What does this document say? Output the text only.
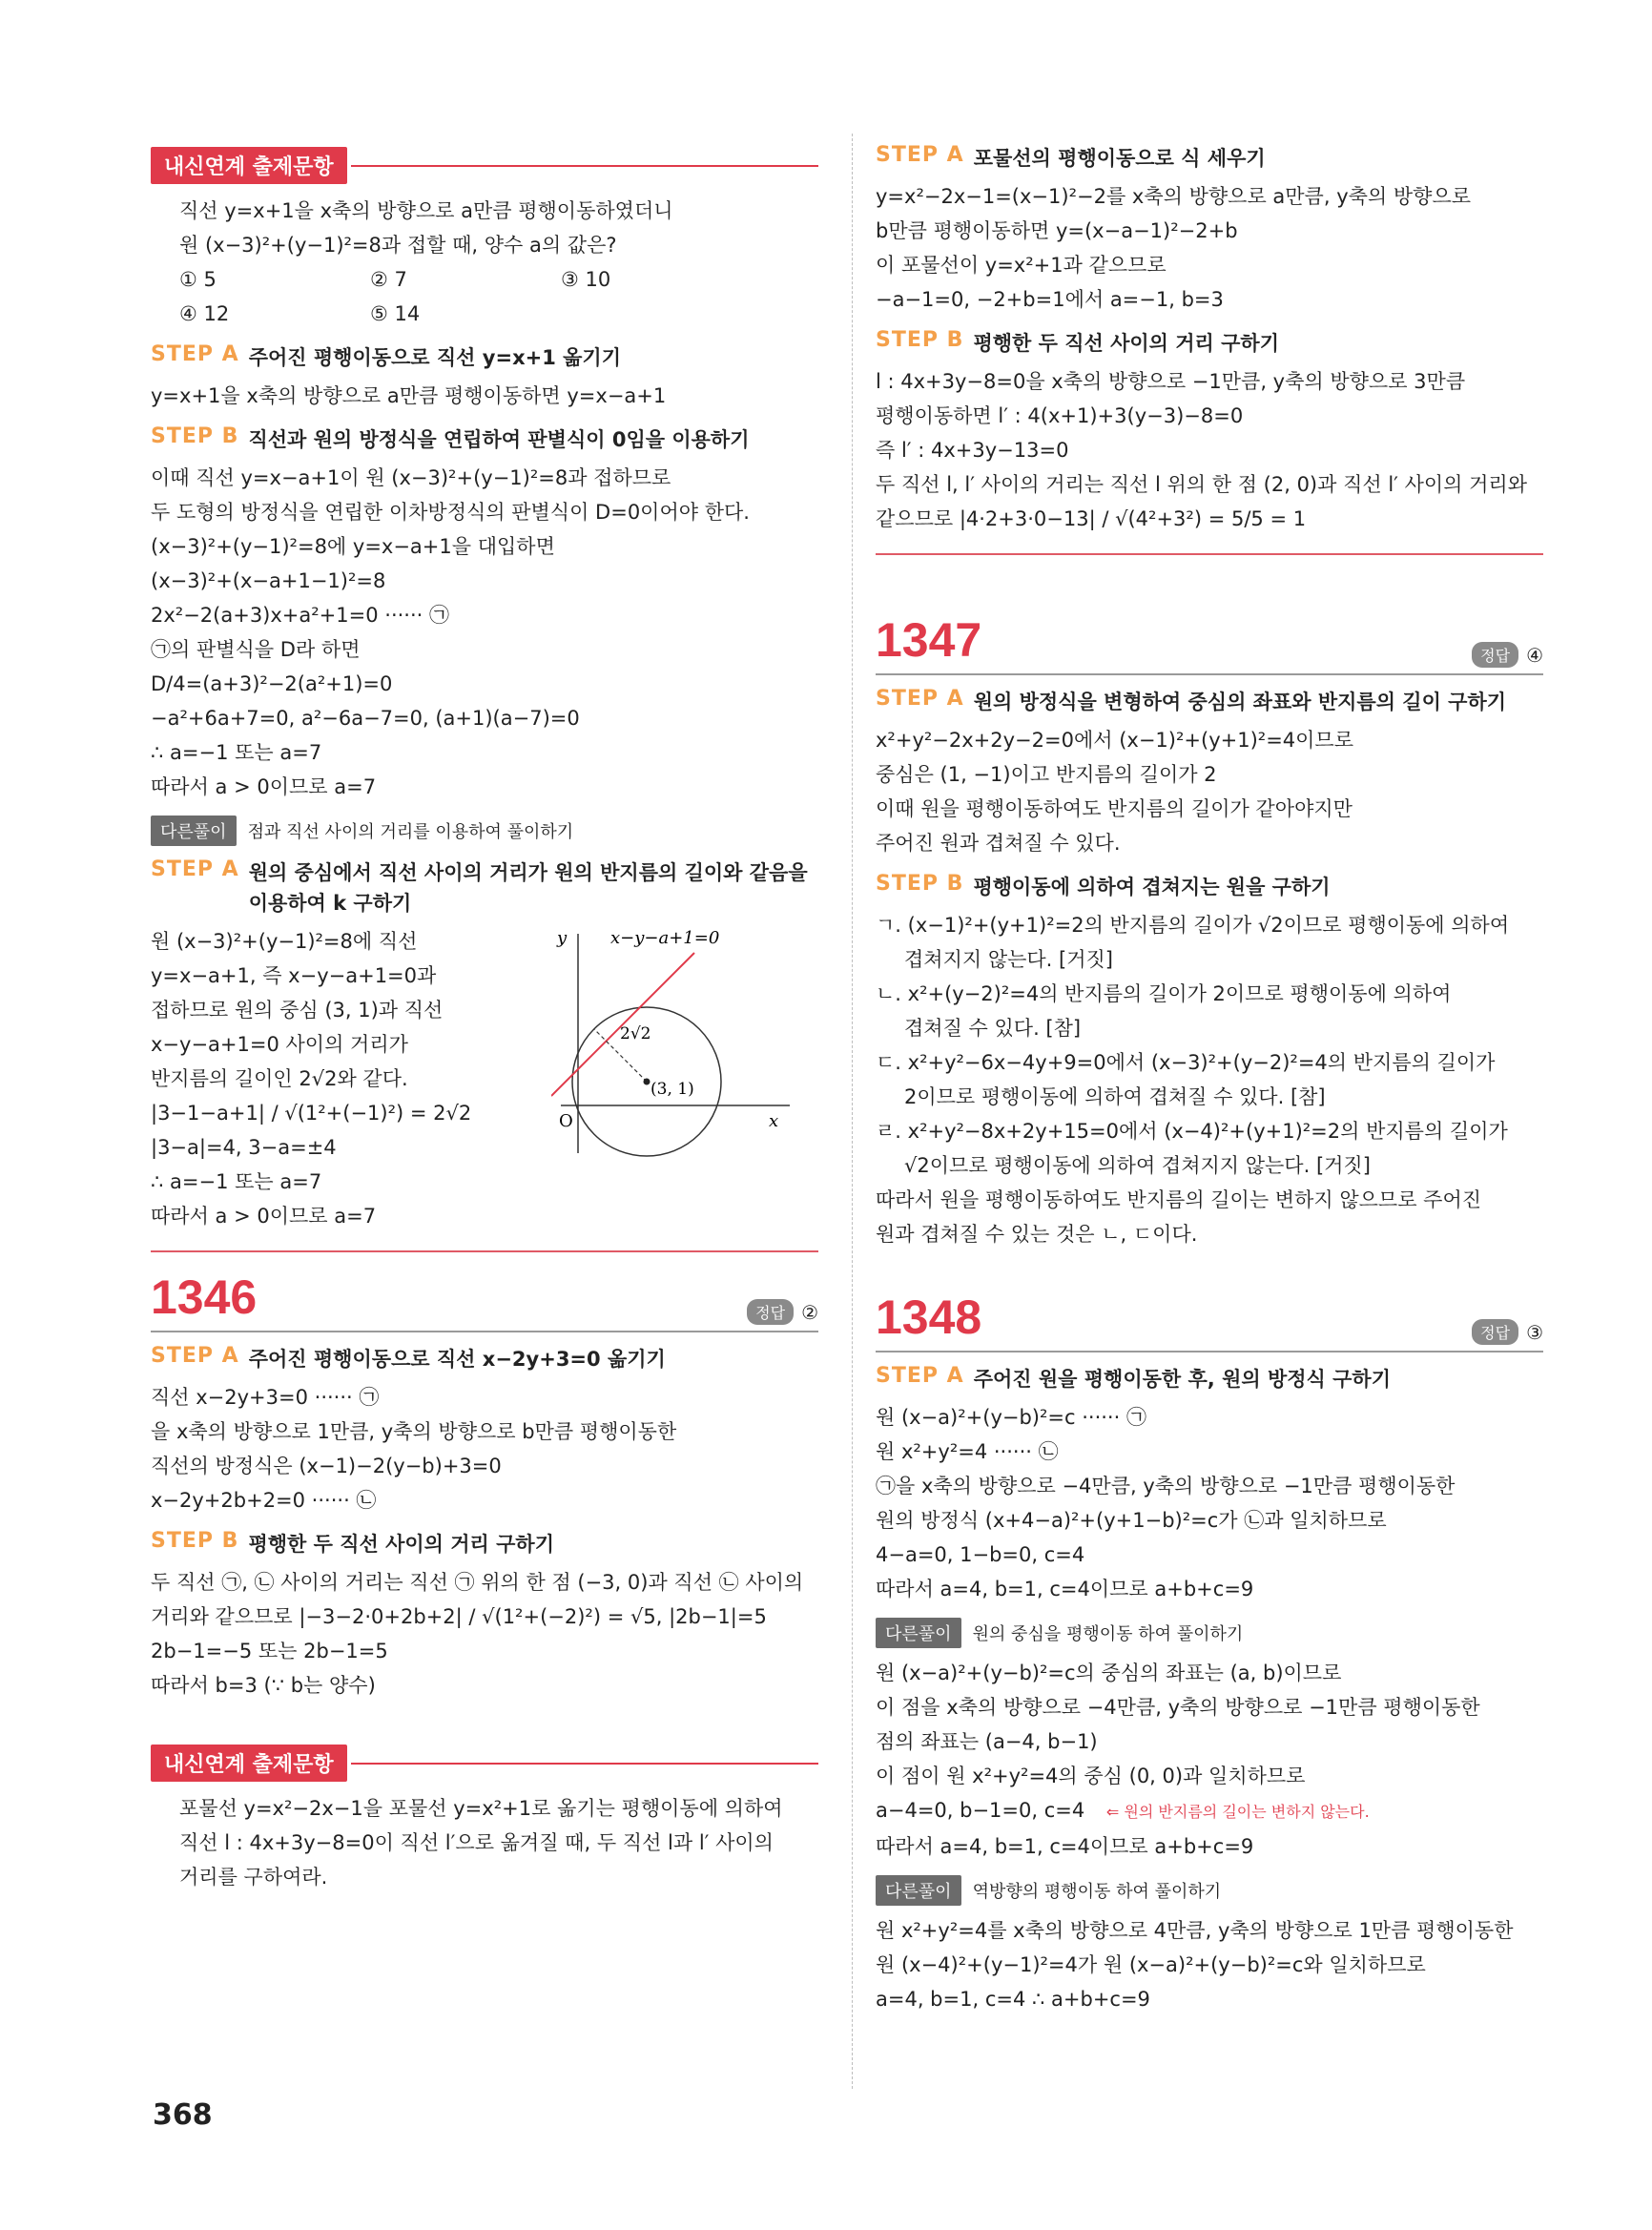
내신연계 출제문항
직선 y=x+1을 x축의 방향으로 a만큼 평행이동하였더니
원 (x−3)²+(y−1)²=8과 접할 때, 양수 a의 값은?
① 5	② 7	③ 10
④ 12	⑤ 14
STEP A 주어진 평행이동으로 직선 y=x+1 옮기기
y=x+1을 x축의 방향으로 a만큼 평행이동하면 y=x−a+1
STEP B 직선과 원의 방정식을 연립하여 판별식이 0임을 이용하기
이때 직선 y=x−a+1이 원 (x−3)²+(y−1)²=8과 접하므로
두 도형의 방정식을 연립한 이차방정식의 판별식이 D=0이어야 한다.
(x−3)²+(y−1)²=8에 y=x−a+1을 대입하면
(x−3)²+(x−a+1−1)²=8
2x²−2(a+3)x+a²+1=0 ······ ㉠
㉠의 판별식을 D라 하면
D/4=(a+3)²−2(a²+1)=0
−a²+6a+7=0, a²−6a−7=0, (a+1)(a−7)=0
∴ a=−1 또는 a=7
따라서 a > 0이므로 a=7
다른풀이	점과 직선 사이의 거리를 이용하여 풀이하기
STEP A 원의 중심에서 직선 사이의 거리가 원의 반지름의 길이와 같음을
이용하여 k 구하기
원 (x−3)²+(y−1)²=8에 직선
y=x−a+1, 즉 x−y−a+1=0과
접하므로 원의 중심 (3, 1)과 직선
x−y−a+1=0 사이의 거리가
반지름의 길이인 2√2와 같다.
|3−1−a+1| / √(1²+(−1)²) = 2√2
|3−a|=4, 3−a=±4
∴ a=−1 또는 a=7
따라서 a > 0이므로 a=7
y
x
O
x−y−a+1=0
2√2
(3, 1)
1346	정답 ②
STEP A 주어진 평행이동으로 직선 x−2y+3=0 옮기기
직선 x−2y+3=0 ······ ㉠
을 x축의 방향으로 1만큼, y축의 방향으로 b만큼 평행이동한
직선의 방정식은 (x−1)−2(y−b)+3=0
x−2y+2b+2=0 ······ ㉡
STEP B 평행한 두 직선 사이의 거리 구하기
두 직선 ㉠, ㉡ 사이의 거리는 직선 ㉠ 위의 한 점 (−3, 0)과 직선 ㉡ 사이의
거리와 같으므로 |−3−2·0+2b+2| / √(1²+(−2)²) = √5, |2b−1|=5
2b−1=−5 또는 2b−1=5
따라서 b=3 (∵ b는 양수)
내신연계 출제문항
포물선 y=x²−2x−1을 포물선 y=x²+1로 옮기는 평행이동에 의하여
직선 l : 4x+3y−8=0이 직선 l′으로 옮겨질 때, 두 직선 l과 l′ 사이의
거리를 구하여라.
STEP A 포물선의 평행이동으로 식 세우기
y=x²−2x−1=(x−1)²−2를 x축의 방향으로 a만큼, y축의 방향으로
b만큼 평행이동하면 y=(x−a−1)²−2+b
이 포물선이 y=x²+1과 같으므로
−a−1=0, −2+b=1에서 a=−1, b=3
STEP B 평행한 두 직선 사이의 거리 구하기
l : 4x+3y−8=0을 x축의 방향으로 −1만큼, y축의 방향으로 3만큼
평행이동하면 l′ : 4(x+1)+3(y−3)−8=0
즉 l′ : 4x+3y−13=0
두 직선 l, l′ 사이의 거리는 직선 l 위의 한 점 (2, 0)과 직선 l′ 사이의 거리와
같으므로 |4·2+3·0−13| / √(4²+3²) = 5/5 = 1
1347	정답 ④
STEP A 원의 방정식을 변형하여 중심의 좌표와 반지름의 길이 구하기
x²+y²−2x+2y−2=0에서 (x−1)²+(y+1)²=4이므로
중심은 (1, −1)이고 반지름의 길이가 2
이때 원을 평행이동하여도 반지름의 길이가 같아야지만
주어진 원과 겹쳐질 수 있다.
STEP B 평행이동에 의하여 겹쳐지는 원을 구하기
ㄱ. (x−1)²+(y+1)²=2의 반지름의 길이가 √2이므로 평행이동에 의하여
겹쳐지지 않는다. [거짓]
ㄴ. x²+(y−2)²=4의 반지름의 길이가 2이므로 평행이동에 의하여
겹쳐질 수 있다. [참]
ㄷ. x²+y²−6x−4y+9=0에서 (x−3)²+(y−2)²=4의 반지름의 길이가
2이므로 평행이동에 의하여 겹쳐질 수 있다. [참]
ㄹ. x²+y²−8x+2y+15=0에서 (x−4)²+(y+1)²=2의 반지름의 길이가
√2이므로 평행이동에 의하여 겹쳐지지 않는다. [거짓]
따라서 원을 평행이동하여도 반지름의 길이는 변하지 않으므로 주어진
원과 겹쳐질 수 있는 것은 ㄴ, ㄷ이다.
1348	정답 ③
STEP A 주어진 원을 평행이동한 후, 원의 방정식 구하기
원 (x−a)²+(y−b)²=c ······ ㉠
원 x²+y²=4 ······ ㉡
㉠을 x축의 방향으로 −4만큼, y축의 방향으로 −1만큼 평행이동한
원의 방정식 (x+4−a)²+(y+1−b)²=c가 ㉡과 일치하므로
4−a=0, 1−b=0, c=4
따라서 a=4, b=1, c=4이므로 a+b+c=9
다른풀이	원의 중심을 평행이동 하여 풀이하기
원 (x−a)²+(y−b)²=c의 중심의 좌표는 (a, b)이므로
이 점을 x축의 방향으로 −4만큼, y축의 방향으로 −1만큼 평행이동한
점의 좌표는 (a−4, b−1)
이 점이 원 x²+y²=4의 중심 (0, 0)과 일치하므로
a−4=0, b−1=0, c=4 ⇐ 원의 반지름의 길이는 변하지 않는다.
따라서 a=4, b=1, c=4이므로 a+b+c=9
다른풀이	역방향의 평행이동 하여 풀이하기
원 x²+y²=4를 x축의 방향으로 4만큼, y축의 방향으로 1만큼 평행이동한
원 (x−4)²+(y−1)²=4가 원 (x−a)²+(y−b)²=c와 일치하므로
a=4, b=1, c=4 ∴ a+b+c=9
368
